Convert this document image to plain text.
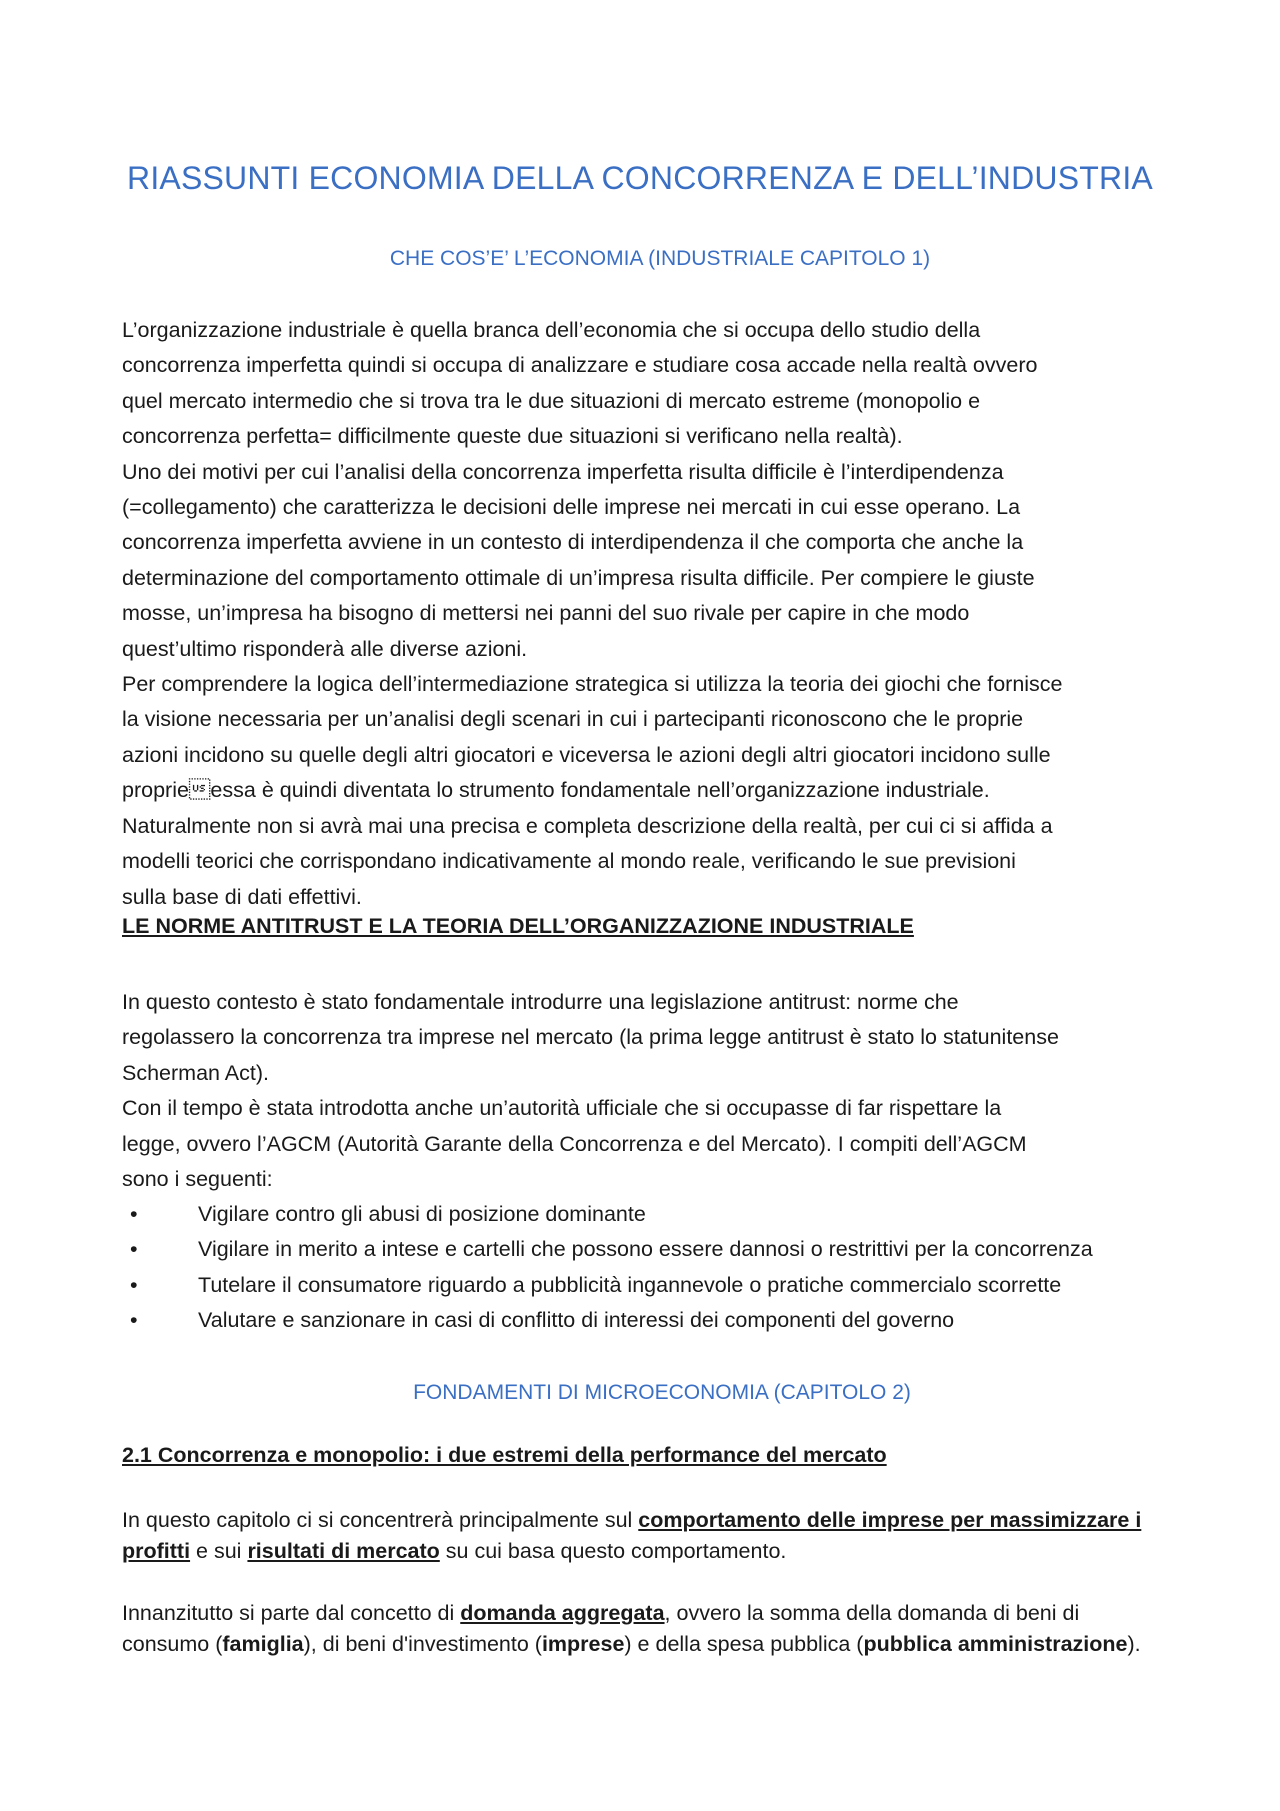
RIASSUNTI ECONOMIA DELLA CONCORRENZA E DELL’INDUSTRIA
CHE COS’E’ L’ECONOMIA (INDUSTRIALE CAPITOLO 1)
L’organizzazione industriale è quella branca dell’economia che si occupa dello studio della
concorrenza imperfetta quindi si occupa di analizzare e studiare cosa accade nella realtà ovvero
quel mercato intermedio che si trova tra le due situazioni di mercato estreme (monopolio e
concorrenza perfetta= difficilmente queste due situazioni si verificano nella realtà).
Uno dei motivi per cui l’analisi della concorrenza imperfetta risulta difficile è l’interdipendenza
(=collegamento) che caratterizza le decisioni delle imprese nei mercati in cui esse operano. La
concorrenza imperfetta avviene in un contesto di interdipendenza il che comporta che anche la
determinazione del comportamento ottimale di un’impresa risulta difficile. Per compiere le giuste
mosse, un’impresa ha bisogno di mettersi nei panni del suo rivale per capire in che modo
quest’ultimo risponderà alle diverse azioni.
Per comprendere la logica dell’intermediazione strategica si utilizza la teoria dei giochi che fornisce
la visione necessaria per un’analisi degli scenari in cui i partecipanti riconoscono che le proprie
azioni incidono su quelle degli altri giocatori e viceversa le azioni degli altri giocatori incidono sulle
proprieessa è quindi diventata lo strumento fondamentale nell’organizzazione industriale.
Naturalmente non si avrà mai una precisa e completa descrizione della realtà, per cui ci si affida a
modelli teorici che corrispondano indicativamente al mondo reale, verificando le sue previsioni
sulla base di dati effettivi.
LE NORME ANTITRUST E LA TEORIA DELL’ORGANIZZAZIONE INDUSTRIALE
In questo contesto è stato fondamentale introdurre una legislazione antitrust: norme che
regolassero la concorrenza tra imprese nel mercato (la prima legge antitrust è stato lo statunitense
Scherman Act).
Con il tempo è stata introdotta anche un’autorità ufficiale che si occupasse di far rispettare la
legge, ovvero l’AGCM (Autorità Garante della Concorrenza e del Mercato). I compiti dell’AGCM
sono i seguenti:
•	Vigilare contro gli abusi di posizione dominante
•	Vigilare in merito a intese e cartelli che possono essere dannosi o restrittivi per la concorrenza
•	Tutelare il consumatore riguardo a pubblicità ingannevole o pratiche commercialo scorrette
•	Valutare e sanzionare in casi di conflitto di interessi dei componenti del governo
FONDAMENTI DI MICROECONOMIA (CAPITOLO 2)
2.1 Concorrenza e monopolio: i due estremi della performance del mercato

In questo capitolo ci si concentrerà principalmente sul comportamento delle imprese per massimizzare i profitti e sui risultati di mercato su cui basa questo comportamento.

Innanzitutto si parte dal concetto di domanda aggregata, ovvero la somma della domanda di beni di consumo (famiglia), di beni d'investimento (imprese) e della spesa pubblica (pubblica amministrazione).
